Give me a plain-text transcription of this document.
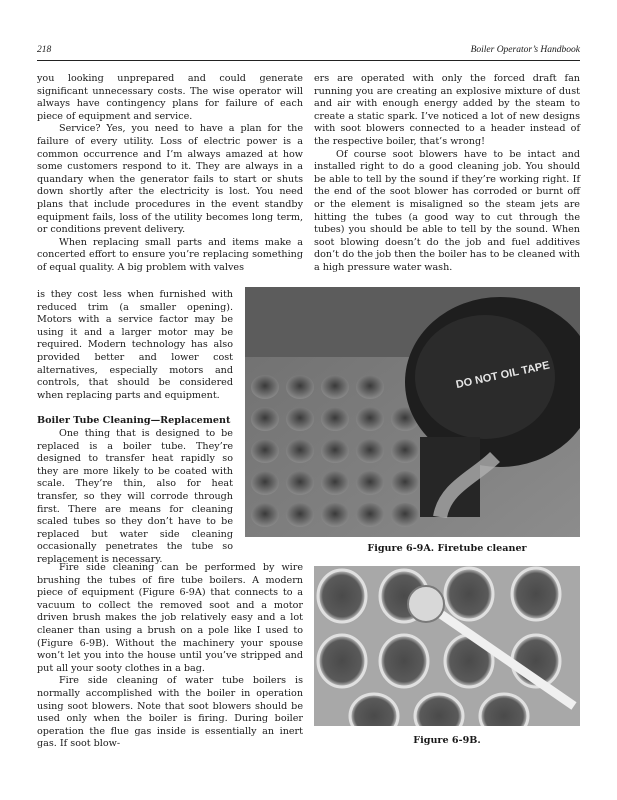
218	Boiler Operator’s Handbook

you looking unprepared and could generate significant unnecessary costs. The wise operator will always have contingency plans for failure of each piece of equipment and service.

Service? Yes, you need to have a plan for the failure of every utility. Loss of electric power is a common occurrence and I’m always amazed at how some customers respond to it. They are always in a quandary when the generator fails to start or shuts down shortly after the electricity is lost. You need plans that include procedures in the event standby equipment fails, loss of the utility becomes long term, or conditions prevent delivery.

When replacing small parts and items make a concerted effort to ensure you’re replacing something of equal quality. A big problem with valves

is they cost less when furnished with reduced trim (a smaller opening). Motors with a service factor may be using it and a larger motor may be required. Modern technology has also provided better and lower cost alternatives, especially motors and controls, that should be considered when replacing parts and equipment.

Boiler Tube Cleaning—Replacement

One thing that is designed to be replaced is a boiler tube. They’re designed to transfer heat rapidly so they are more likely to be coated with scale. They’re thin, also for heat transfer, so they will corrode through first. There are means for cleaning scaled tubes so they don’t have to be replaced but water side cleaning occasionally penetrates the tube so replacement is necessary.

Fire side cleaning can be performed by wire brushing the tubes of fire tube boilers. A modern piece of equipment (Figure 6-9A) that connects to a vacuum to collect the removed soot and a motor driven brush makes the job relatively easy and a lot cleaner than using a brush on a pole like I used to (Figure 6-9B). Without the machinery your spouse won’t let you into the house until you’ve stripped and put all your sooty clothes in a bag.

Fire side cleaning of water tube boilers is normally accomplished with the boiler in operation using soot blowers. Note that soot blowers should be used only when the boiler is firing. During boiler operation the flue gas inside is essentially an inert gas. If soot blow-

ers are operated with only the forced draft fan running you are creating an explosive mixture of dust and air with enough energy added by the steam to create a static spark. I’ve noticed a lot of new designs with soot blowers connected to a header instead of the respective boiler, that’s wrong!

Of course soot blowers have to be intact and installed right to do a good cleaning job. You should be able to tell by the sound if they’re working right. If the end of the soot blower has corroded or burnt off or the element is misaligned so the steam jets are hitting the tubes (a good way to cut through the tubes) you should be able to tell by the sound. When soot blowing doesn’t do the job and fuel additives don’t do the job then the boiler has to be cleaned with a high pressure water wash.

DO NOT OIL TAPE
Figure 6-9A. Firetube cleaner
Figure 6-9B.
